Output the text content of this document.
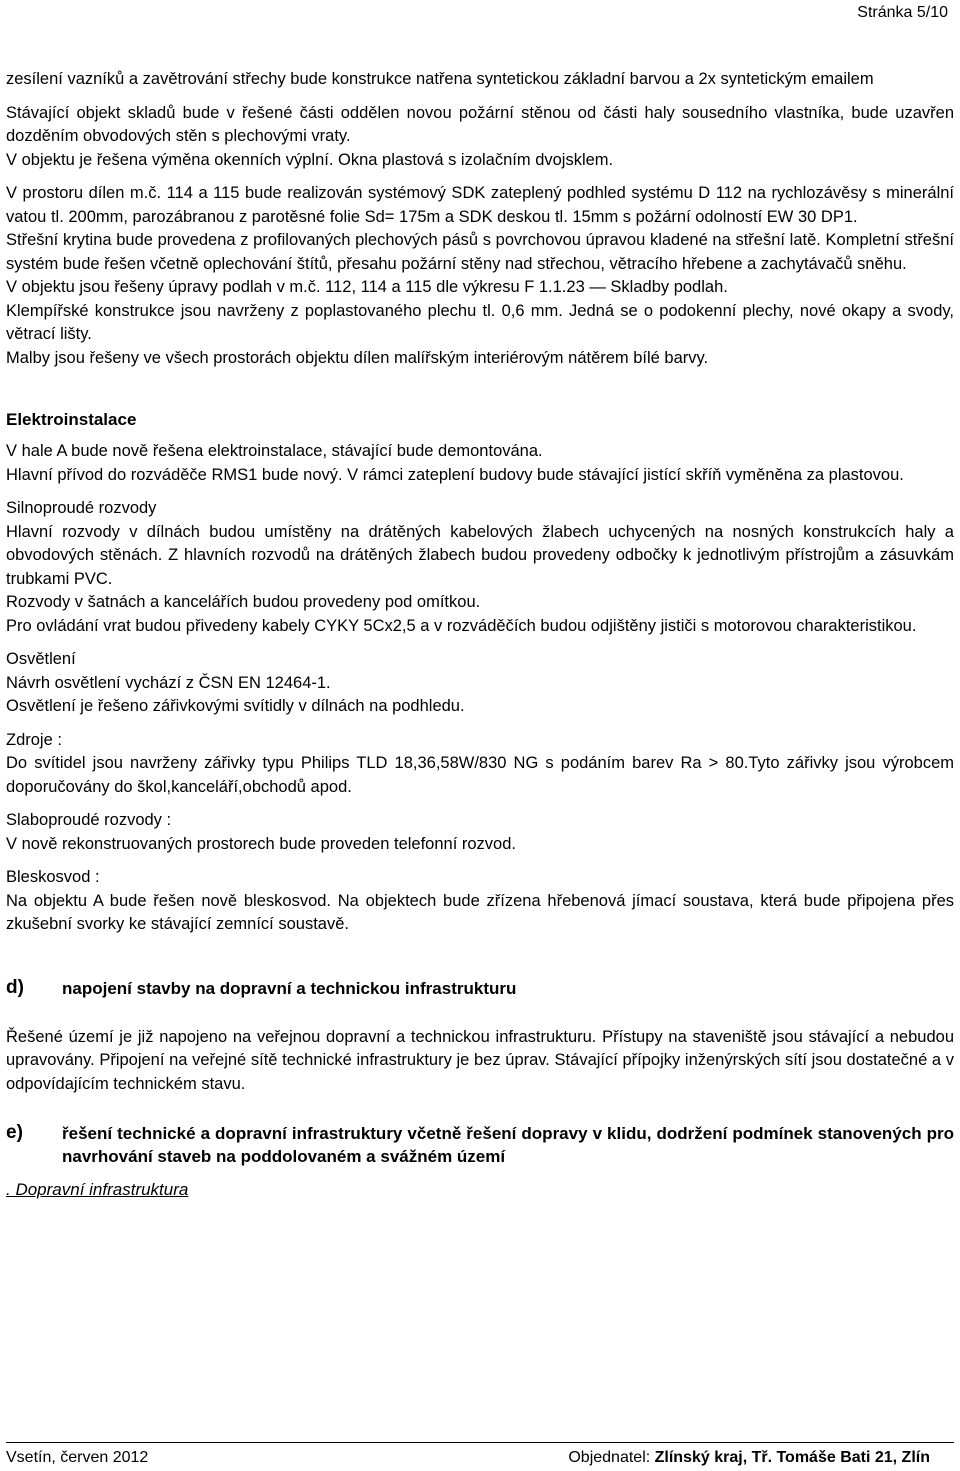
Stránka 5/10

zesílení vazníků a zavětrování střechy bude konstrukce natřena syntetickou základní barvou a 2x syntetickým emailem

Stávající objekt skladů bude v řešené části oddělen novou požární stěnou od části haly sousedního vlastníka, bude uzavřen dozděním obvodových stěn s plechovými vraty.

V objektu je řešena výměna okenních výplní. Okna plastová s izolačním dvojsklem.

V prostoru dílen m.č. 114 a 115 bude realizován systémový SDK zateplený podhled systému D 112 na rychlozávěsy s minerální vatou tl. 200mm, parozábranou z parotěsné folie Sd= 175m a SDK deskou tl. 15mm s požární odolností EW 30 DP1.

Střešní krytina bude provedena z profilovaných plechových pásů s povrchovou úpravou kladené na střešní latě. Kompletní střešní systém bude řešen včetně oplechování štítů, přesahu požární stěny nad střechou, větracího hřebene a zachytávačů sněhu.

V objektu jsou řešeny úpravy podlah v m.č. 112, 114 a 115 dle výkresu F 1.1.23 — Skladby podlah.

Klempířské konstrukce jsou navrženy z poplastovaného plechu tl. 0,6 mm. Jedná se o podokenní plechy, nové okapy a svody, větrací lišty.

Malby jsou řešeny ve všech prostorách objektu dílen malířským interiérovým nátěrem bílé barvy.

Elektroinstalace

V hale A bude nově řešena elektroinstalace, stávající bude demontována.

Hlavní přívod do rozváděče RMS1 bude nový. V rámci zateplení budovy bude stávající jistící skříň vyměněna za plastovou.

Silnoproudé rozvody

Hlavní rozvody v dílnách budou umístěny na drátěných kabelových žlabech uchycených na nosných konstrukcích haly a obvodových stěnách. Z hlavních rozvodů na drátěných žlabech budou provedeny odbočky k jednotlivým přístrojům a zásuvkám trubkami PVC.

Rozvody v šatnách a kancelářích budou provedeny pod omítkou.

Pro ovládání vrat budou přivedeny kabely CYKY 5Cx2,5 a v rozváděčích budou odjištěny jističi s motorovou charakteristikou.

Osvětlení

Návrh osvětlení vychází z ČSN EN 12464-1.

Osvětlení je řešeno zářivkovými svítidly v dílnách na podhledu.

Zdroje :

Do svítidel jsou navrženy zářivky typu Philips TLD 18,36,58W/830 NG s podáním barev Ra > 80.Tyto zářivky jsou výrobcem doporučovány do škol,kanceláří,obchodů apod.

Slaboproudé rozvody :

V nově rekonstruovaných prostorech bude proveden telefonní rozvod.

Bleskosvod :

Na objektu A bude řešen nově bleskosvod. Na objektech bude zřízena hřebenová jímací soustava, která bude připojena přes zkušební svorky ke stávající zemnící soustavě.

d)	napojení stavby na dopravní a technickou infrastrukturu

Řešené území je již napojeno na veřejnou dopravní a technickou infrastrukturu. Přístupy na staveniště jsou stávající a nebudou upravovány. Připojení na veřejné sítě technické infrastruktury je bez úprav. Stávající přípojky inženýrských sítí jsou dostatečné a v odpovídajícím technickém stavu.

e)	řešení technické a dopravní infrastruktury včetně řešení dopravy v klidu, dodržení podmínek stanovených pro navrhování staveb na poddolovaném a svážném území

. Dopravní infrastruktura

Vsetín, červen 2012	Objednatel: Zlínský kraj, Tř. Tomáše Bati 21, Zlín
